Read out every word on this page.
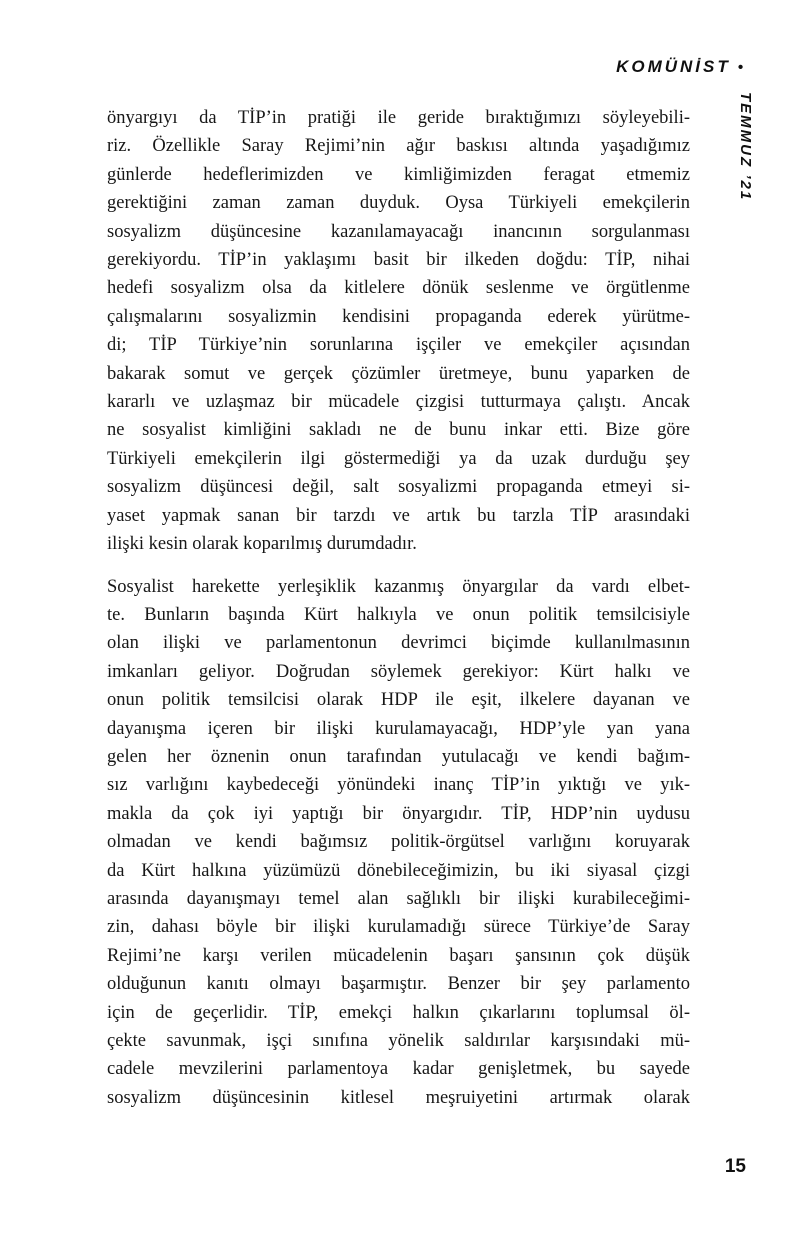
KOMÜNİST •
TEMMUZ ’21
önyargıyı da TİP’in pratiği ile geride bıraktığımızı söyleyebili-
riz. Özellikle Saray Rejimi’nin ağır baskısı altında yaşadığımız
günlerde hedeflerimizden ve kimliğimizden feragat etmemiz
gerektiğini zaman zaman duyduk. Oysa Türkiyeli emekçilerin
sosyalizm düşüncesine kazanılamayacağı inancının sorgulanması
gerekiyordu. TİP’in yaklaşımı basit bir ilkeden doğdu: TİP, nihai
hedefi sosyalizm olsa da kitlelere dönük seslenme ve örgütlenme
çalışmalarını sosyalizmin kendisini propaganda ederek yürütme-
di; TİP Türkiye’nin sorunlarına işçiler ve emekçiler açısından
bakarak somut ve gerçek çözümler üretmeye, bunu yaparken de
kararlı ve uzlaşmaz bir mücadele çizgisi tutturmaya çalıştı. Ancak
ne sosyalist kimliğini sakladı ne de bunu inkar etti. Bize göre
Türkiyeli emekçilerin ilgi göstermediği ya da uzak durduğu şey
sosyalizm düşüncesi değil, salt sosyalizmi propaganda etmeyi si-
yaset yapmak sanan bir tarzdı ve artık bu tarzla TİP arasındaki
ilişki kesin olarak koparılmış durumdadır.
Sosyalist harekette yerleşiklik kazanmış önyargılar da vardı elbet-
te. Bunların başında Kürt halkıyla ve onun politik temsilcisiyle
olan ilişki ve parlamentonun devrimci biçimde kullanılmasının
imkanları geliyor. Doğrudan söylemek gerekiyor: Kürt halkı ve
onun politik temsilcisi olarak HDP ile eşit, ilkelere dayanan ve
dayanışma içeren bir ilişki kurulamayacağı, HDP’yle yan yana
gelen her öznenin onun tarafından yutulacağı ve kendi bağım-
sız varlığını kaybedeceği yönündeki inanç TİP’in yıktığı ve yık-
makla da çok iyi yaptığı bir önyargıdır. TİP, HDP’nin uydusu
olmadan ve kendi bağımsız politik-örgütsel varlığını koruyarak
da Kürt halkına yüzümüzü dönebileceğimizin, bu iki siyasal çizgi
arasında dayanışmayı temel alan sağlıklı bir ilişki kurabileceğimi-
zin, dahası böyle bir ilişki kurulamadığı sürece Türkiye’de Saray
Rejimi’ne karşı verilen mücadelenin başarı şansının çok düşük
olduğunun kanıtı olmayı başarmıştır. Benzer bir şey parlamento
için de geçerlidir. TİP, emekçi halkın çıkarlarını toplumsal öl-
çekte savunmak, işçi sınıfına yönelik saldırılar karşısındaki mü-
cadele mevzilerini parlamentoya kadar genişletmek, bu sayede
sosyalizm düşüncesinin kitlesel meşruiyetini artırmak olarak
15
